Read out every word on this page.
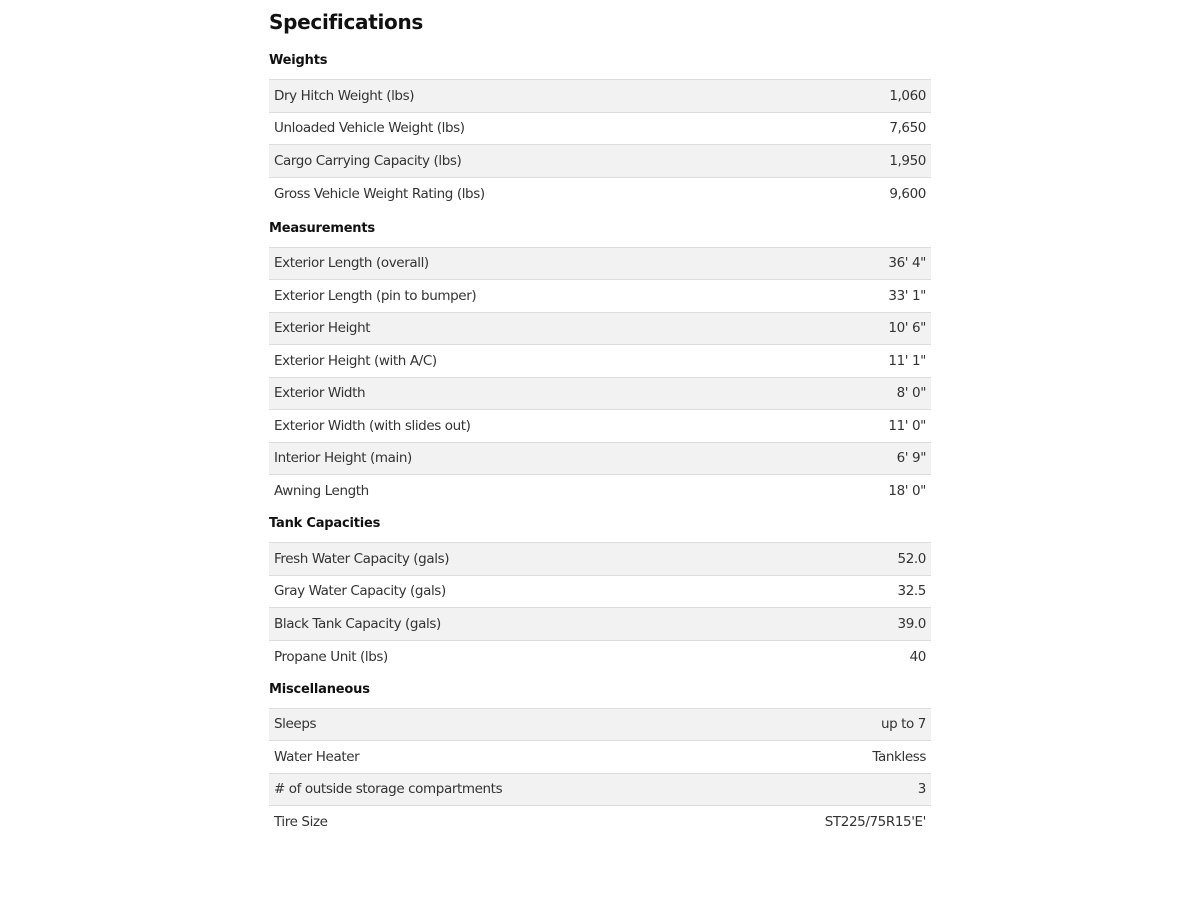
Specifications
Weights
Dry Hitch Weight (lbs)	1,060
Unloaded Vehicle Weight (lbs)	7,650
Cargo Carrying Capacity (lbs)	1,950
Gross Vehicle Weight Rating (lbs)	9,600
Measurements
Exterior Length (overall)	36' 4"
Exterior Length (pin to bumper)	33' 1"
Exterior Height	10' 6"
Exterior Height (with A/C)	11' 1"
Exterior Width	8' 0"
Exterior Width (with slides out)	11' 0"
Interior Height (main)	6' 9"
Awning Length	18' 0"
Tank Capacities
Fresh Water Capacity (gals)	52.0
Gray Water Capacity (gals)	32.5
Black Tank Capacity (gals)	39.0
Propane Unit (lbs)	40
Miscellaneous
Sleeps	up to 7
Water Heater	Tankless
# of outside storage compartments	3
Tire Size	ST225/75R15'E'
